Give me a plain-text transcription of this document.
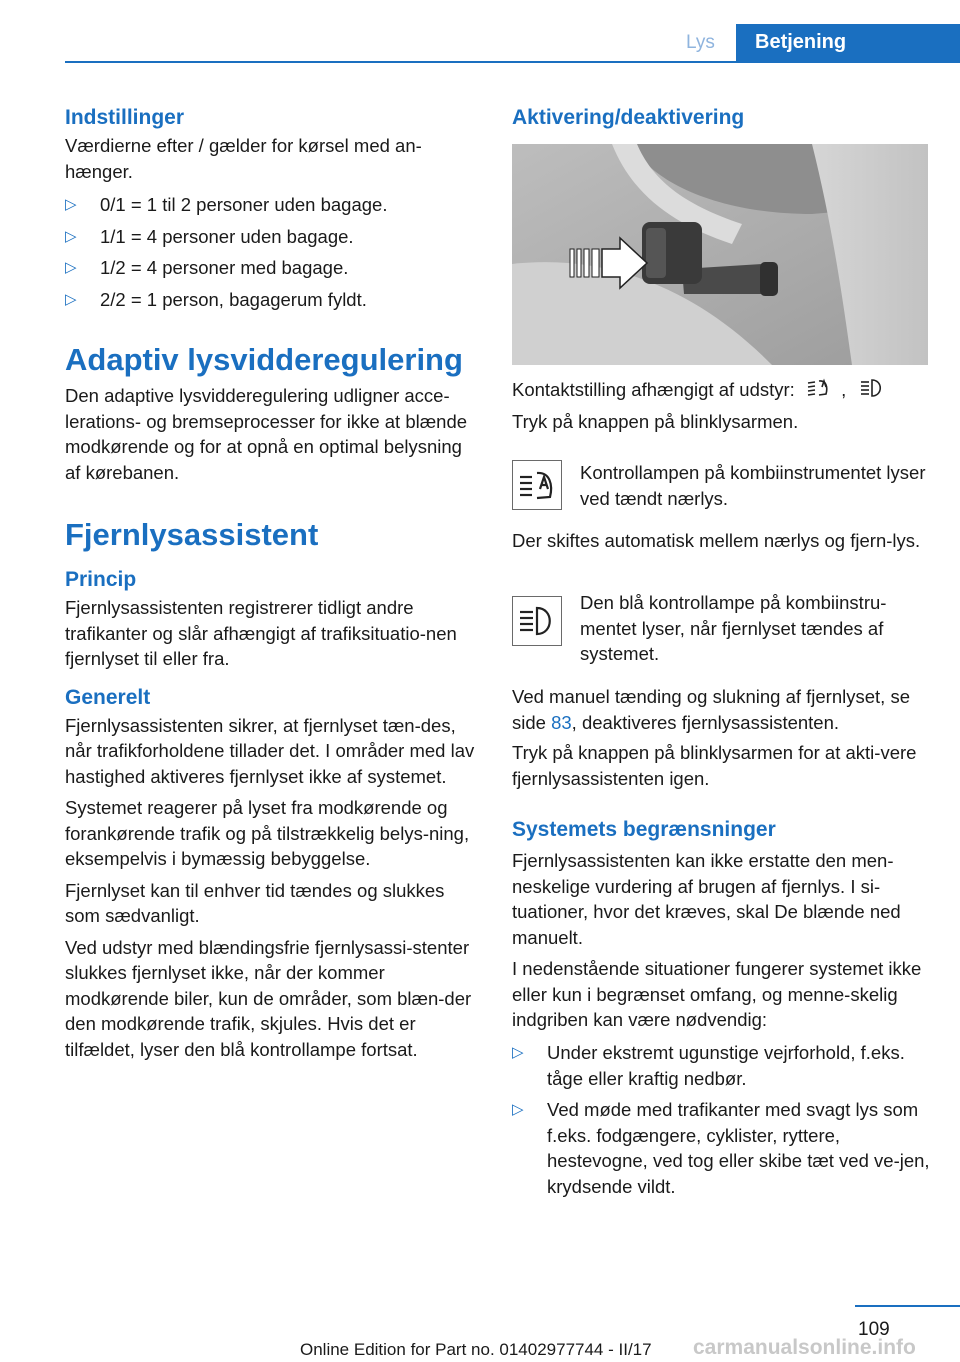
Lys Betjening
Indstillinger

Værdierne efter / gælder for kørsel med an-hænger.

▷ 0/1 = 1 til 2 personer uden bagage.
▷ 1/1 = 4 personer uden bagage.
▷ 1/2 = 4 personer med bagage.
▷ 2/2 = 1 person, bagagerum fyldt.
Adaptiv lysvidderegulering

Den adaptive lysvidderegulering udligner acce-lerations- og bremseprocesser for ikke at blænde modkørende og for at opnå en optimal belysning af kørebanen.

Fjernlysassistent
Princip

Fjernlysassistenten registrerer tidligt andre trafikanter og slår afhængigt af trafiksituatio-nen fjernlyset til eller fra.

Generelt

Fjernlysassistenten sikrer, at fjernlyset tæn-des, når trafikforholdene tillader det. I områder med lav hastighed aktiveres fjernlyset ikke af systemet.

Systemet reagerer på lyset fra modkørende og forankørende trafik og på tilstrækkelig belys-ning, eksempelvis i bymæssig bebyggelse.

Fjernlyset kan til enhver tid tændes og slukkes som sædvanligt.

Ved udstyr med blændingsfrie fjernlysassi-stenter slukkes fjernlyset ikke, når der kommer modkørende biler, kun de områder, som blæn-der den modkørende trafik, skjules. Hvis det er tilfældet, lyser den blå kontrollampe fortsat.

Aktivering/deaktivering
Kontaktstilling afhængigt af udstyr:	,

Tryk på knappen på blinklysarmen.

Kontrollampen på kombiinstrumentet lyser ved tændt nærlys.

Der skiftes automatisk mellem nærlys og fjern-lys.

Den blå kontrollampe på kombiinstru-mentet lyser, når fjernlyset tændes af systemet.

Ved manuel tænding og slukning af fjernlyset, se side 83, deaktiveres fjernlysassistenten.

Tryk på knappen på blinklysarmen for at akti-vere fjernlysassistenten igen.

Systemets begrænsninger

Fjernlysassistenten kan ikke erstatte den men-neskelige vurdering af brugen af fjernlys. I si-tuationer, hvor det kræves, skal De blænde ned manuelt.

I nedenstående situationer fungerer systemet ikke eller kun i begrænset omfang, og menne-skelig indgriben kan være nødvendig:

▷ Under ekstremt ugunstige vejrforhold, f.eks. tåge eller kraftig nedbør.
▷ Ved møde med trafikanter med svagt lys som f.eks. fodgængere, cyklister, ryttere, hestevogne, ved tog eller skibe tæt ved ve-jen, krydsende vildt.
109
Online Edition for Part no. 01402977744 - II/17 carmanualsonline.info
